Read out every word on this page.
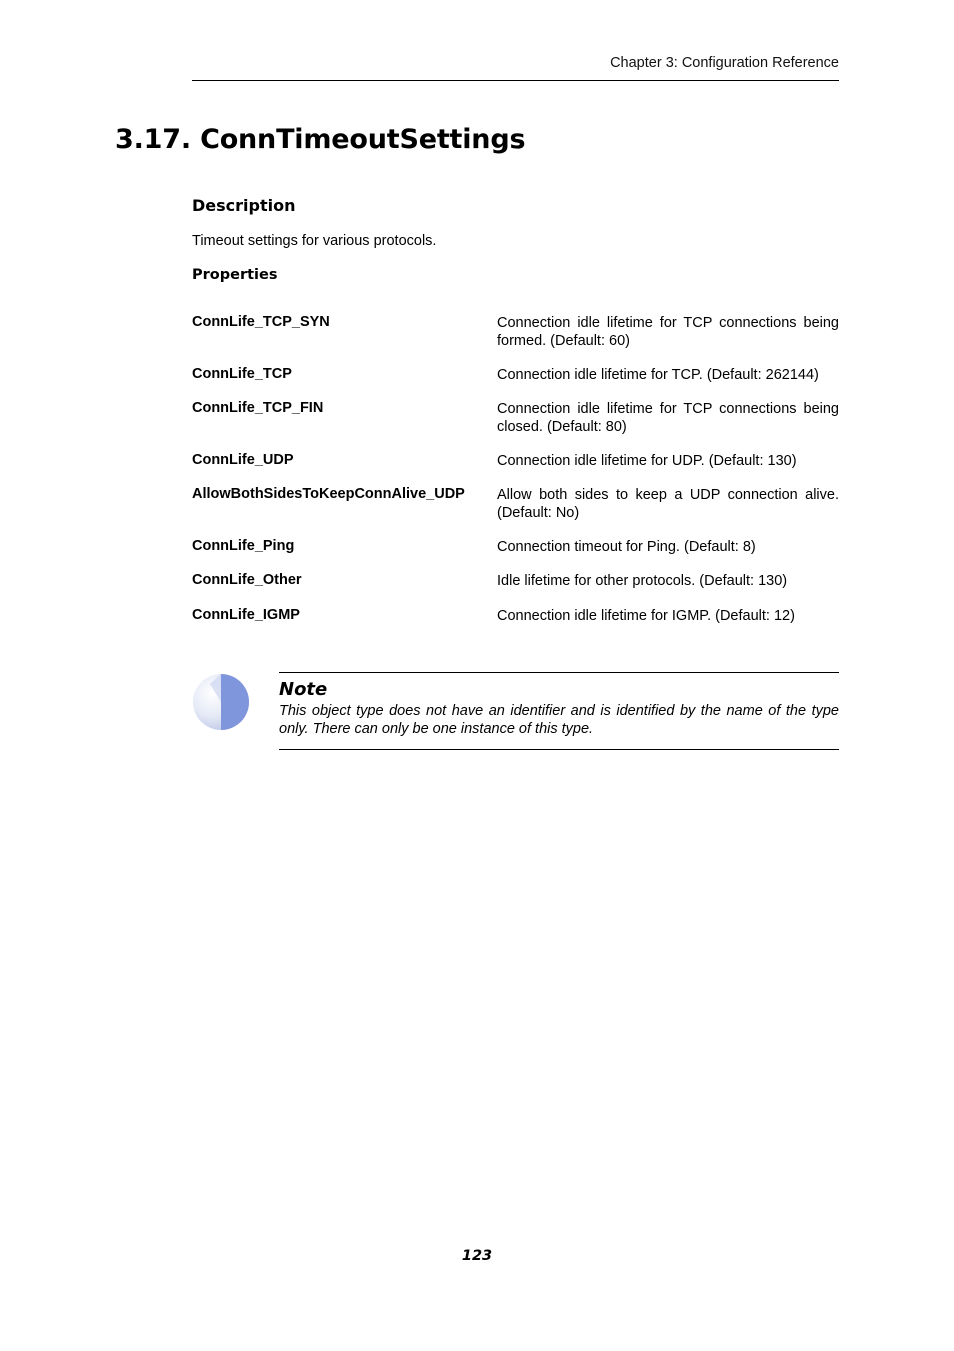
Chapter 3: Configuration Reference
3.17. ConnTimeoutSettings
Description

Timeout settings for various protocols.

Properties
ConnLife_TCP_SYN	Connection idle lifetime for TCP connections being formed. (Default: 60)
ConnLife_TCP	Connection idle lifetime for TCP. (Default: 262144)
ConnLife_TCP_FIN	Connection idle lifetime for TCP connections being closed. (Default: 80)
ConnLife_UDP	Connection idle lifetime for UDP. (Default: 130)
AllowBothSidesToKeepConnAlive_UDP Allow both sides to keep a UDP connection alive. (Default: No)
ConnLife_Ping	Connection timeout for Ping. (Default: 8)
ConnLife_Other	Idle lifetime for other protocols. (Default: 130)
ConnLife_IGMP	Connection idle lifetime for IGMP. (Default: 12)
Note

This object type does not have an identifier and is identified by the name of the type only. There can only be one instance of this type.

123
